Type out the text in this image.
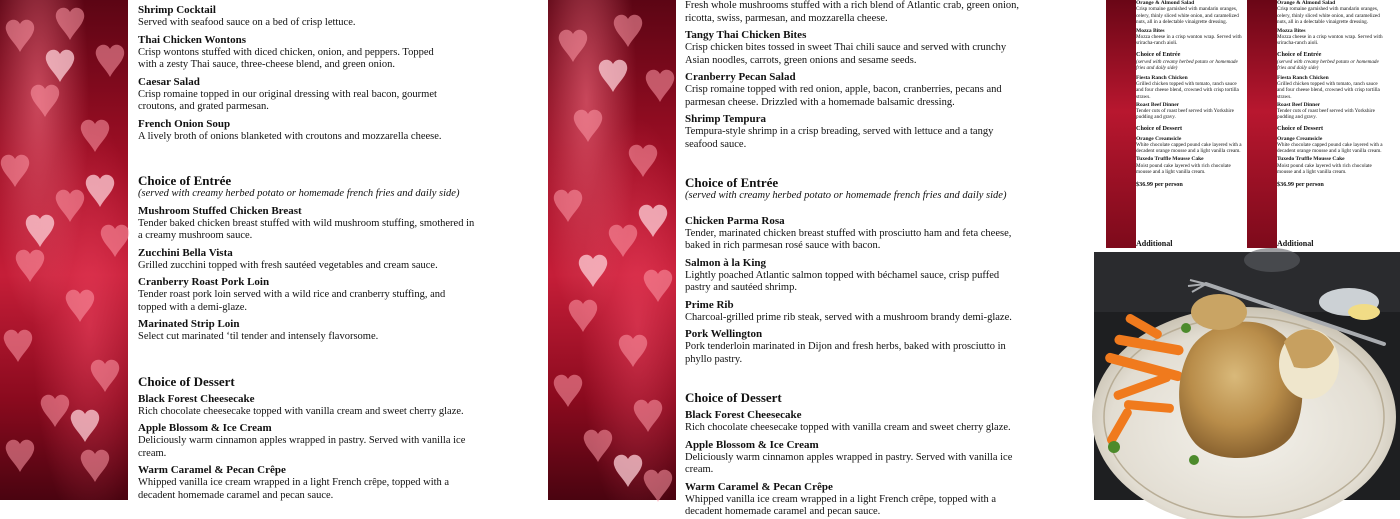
Shrimp Cocktail
Served with seafood sauce on a bed of crisp lettuce.
Thai Chicken Wontons
Crisp wontons stuffed with diced chicken, onion, and peppers. Topped with a zesty Thai sauce, three-cheese blend, and green onion.
Caesar Salad
Crisp romaine topped in our original dressing with real bacon, gourmet croutons, and grated parmesan.
French Onion Soup
A lively broth of onions blanketed with croutons and mozzarella cheese.
Choice of Entrée
(served with creamy herbed potato or homemade french fries and daily side)
Mushroom Stuffed Chicken Breast
Tender baked chicken breast stuffed with wild mushroom stuffing, smothered in a creamy mushroom sauce.
Zucchini Bella Vista
Grilled zucchini topped with fresh sautéed vegetables and cream sauce.
Cranberry Roast Pork Loin
Tender roast pork loin served with a wild rice and cranberry stuffing, and topped with a demi-glaze.
Marinated Strip Loin
Select cut marinated ‘til tender and intensely flavorsome.
Choice of Dessert
Black Forest Cheesecake
Rich chocolate cheesecake topped with vanilla cream and sweet cherry glaze.
Apple Blossom & Ice Cream
Deliciously warm cinnamon apples wrapped in pastry. Served with vanilla ice cream.
Warm Caramel & Pecan Crêpe
Whipped vanilla ice cream wrapped in a light French crêpe, topped with a decadent homemade caramel and pecan sauce.
Fresh whole mushrooms stuffed with a rich blend of Atlantic crab, green onion, ricotta, swiss, parmesan, and mozzarella cheese.
Tangy Thai Chicken Bites
Crisp chicken bites tossed in sweet Thai chili sauce and served with crunchy Asian noodles, carrots, green onions and sesame seeds.
Cranberry Pecan Salad
Crisp romaine topped with red onion, apple, bacon, cranberries, pecans and parmesan cheese. Drizzled with a homemade balsamic dressing.
Shrimp Tempura
Tempura-style shrimp in a crisp breading, served with lettuce and a tangy seafood sauce.
Choice of Entrée
(served with creamy herbed potato or homemade french fries and daily side)
Chicken Parma Rosa
Tender, marinated chicken breast stuffed with prosciutto ham and feta cheese, baked in rich parmesan rosé sauce with bacon.
Salmon à la King
Lightly poached Atlantic salmon topped with béchamel sauce, crisp puffed pastry and sautéed shrimp.
Prime Rib
Charcoal-grilled prime rib steak, served with a mushroom brandy demi-glaze.
Pork Wellington
Pork tenderloin marinated in Dijon and fresh herbs, baked with prosciutto in phyllo pastry.
Choice of Dessert
Black Forest Cheesecake
Rich chocolate cheesecake topped with vanilla cream and sweet cherry glaze.
Apple Blossom & Ice Cream
Deliciously warm cinnamon apples wrapped in pastry. Served with vanilla ice cream.
Warm Caramel & Pecan Crêpe
Whipped vanilla ice cream wrapped in a light French crêpe, topped with a decadent homemade caramel and pecan sauce.
Orange & Almond Salad
Crisp romaine garnished with mandarin oranges, celery, thinly sliced white onion, and caramelized nuts, all in a delectable vinaigrette dressing.
Mozza Bites
Mozza cheese in a crisp wonton wrap. Served with sriracha-ranch aioli.
Choice of Entrée
(served with creamy herbed potato or homemade fries and daily side)
Fiesta Ranch Chicken
Grilled chicken topped with tomato, ranch sauce and four cheese blend, crowned with crisp tortilla straws.
Roast Beef Dinner
Tender cuts of roast beef served with Yorkshire pudding and gravy.
Choice of Dessert
Orange Creamsicle
White chocolate capped pound cake layered with a decadent orange mousse and a light vanilla cream.
Tuxedo Truffle Mousse Cake
Moist pound cake layered with rich chocolate mousse and a light vanilla cream.
$36.99 per person
Additional
Orange & Almond Salad
Crisp romaine garnished with mandarin oranges, celery, thinly sliced white onion, and caramelized nuts, all in a delectable vinaigrette dressing.
Mozza Bites
Mozza cheese in a crisp wonton wrap. Served with sriracha-ranch aioli.
Choice of Entrée
(served with creamy herbed potato or homemade fries and daily side)
Fiesta Ranch Chicken
Grilled chicken topped with tomato, ranch sauce and four cheese blend, crowned with crisp tortilla straws.
Roast Beef Dinner
Tender cuts of roast beef served with Yorkshire pudding and gravy.
Choice of Dessert
Orange Creamsicle
White chocolate capped pound cake layered with a decadent orange mousse and a light vanilla cream.
Tuxedo Truffle Mousse Cake
Moist pound cake layered with rich chocolate mousse and a light vanilla cream.
$36.99 per person
Additional
